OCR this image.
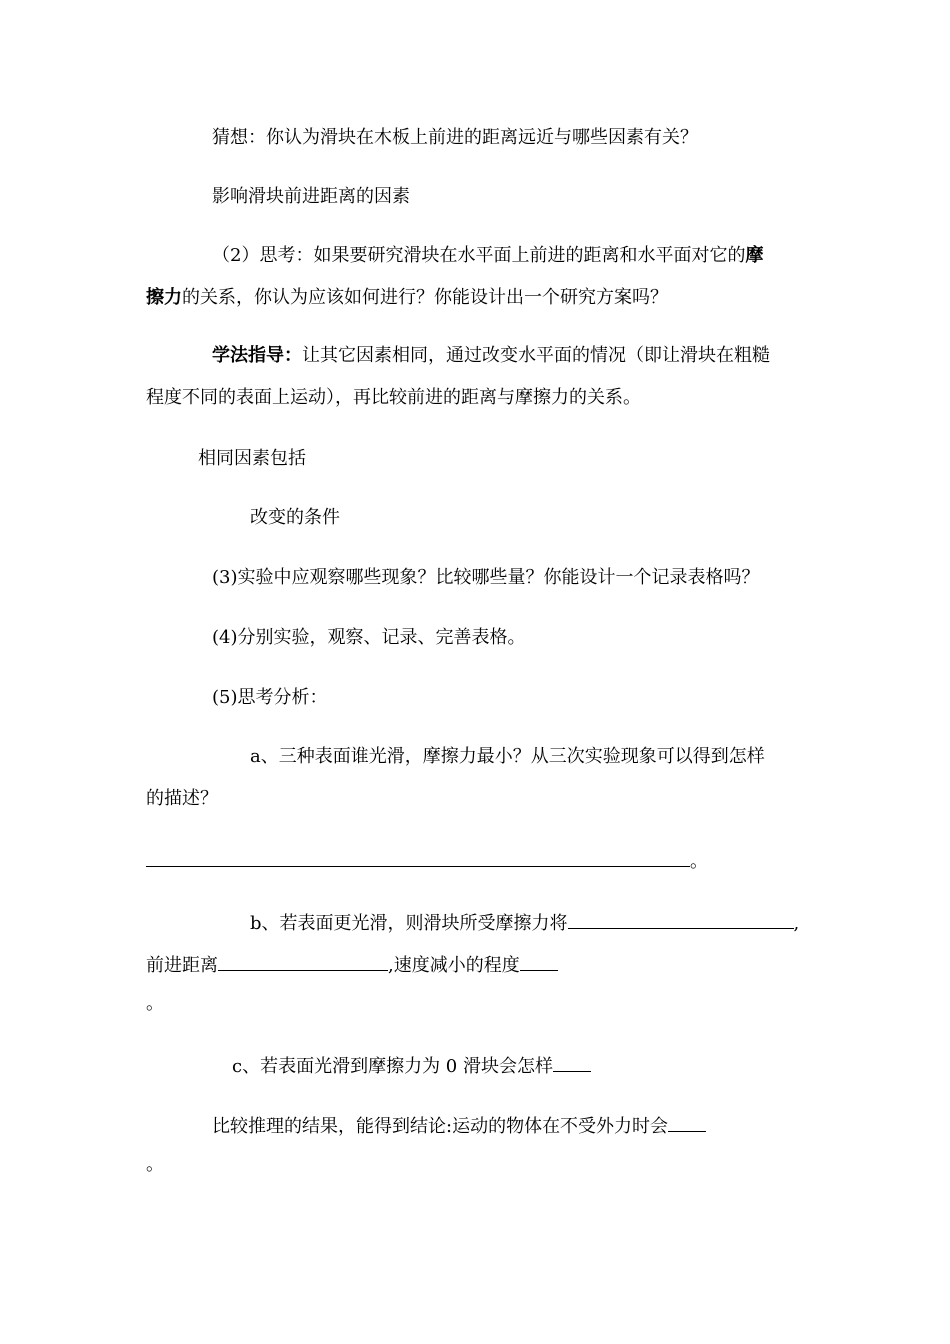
猜想：你认为滑块在木板上前进的距离远近与哪些因素有关？
影响滑块前进距离的因素
（2）思考：如果要研究滑块在水平面上前进的距离和水平面对它的摩
擦力的关系，你认为应该如何进行？你能设计出一个研究方案吗？
学法指导：让其它因素相同，通过改变水平面的情况（即让滑块在粗糙
程度不同的表面上运动），再比较前进的距离与摩擦力的关系。
相同因素包括
改变的条件
(3)实验中应观察哪些现象？比较哪些量？你能设计一个记录表格吗？
(4)分别实验，观察、记录、完善表格。
(5)思考分析：
a、三种表面谁光滑，摩擦力最小？从三次实验现象可以得到怎样
的描述？
。
b、若表面更光滑，则滑块所受摩擦力将	,
前进距离	,速度减小的程度
。
c、若表面光滑到摩擦力为 0 滑块会怎样
比较推理的结果，能得到结论:运动的物体在不受外力时会
。
